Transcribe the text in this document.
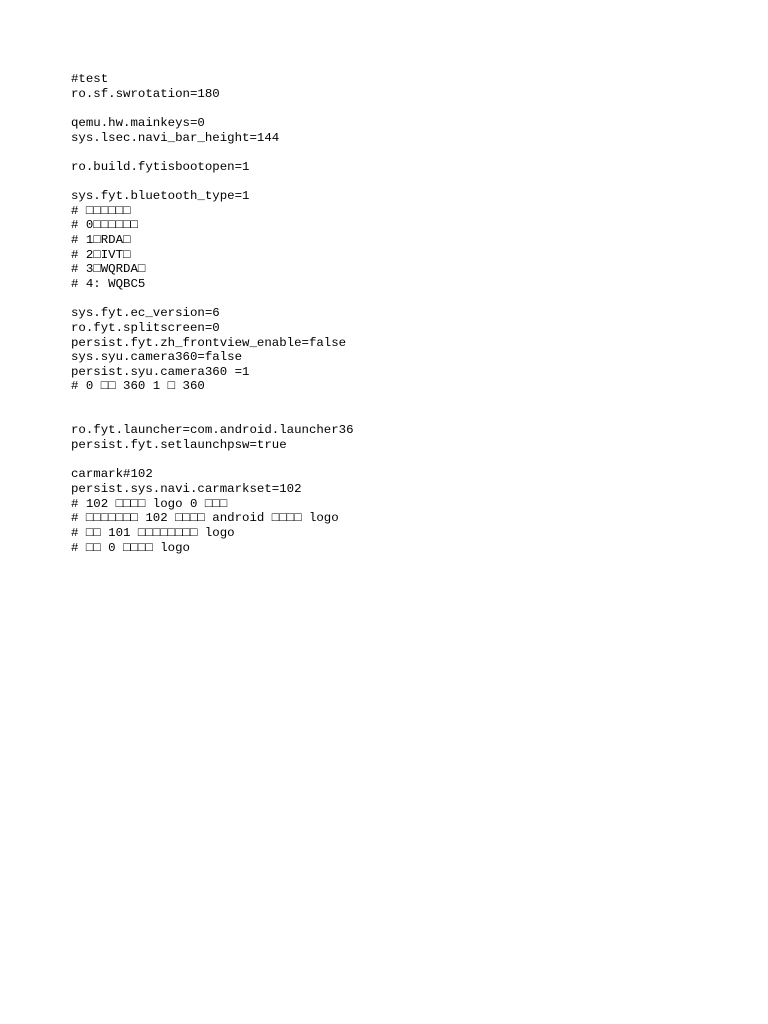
#test
ro.sf.swrotation=180
qemu.hw.mainkeys=0
sys.lsec.navi_bar_height=144
ro.build.fytisbootopen=1
sys.fyt.bluetooth_type=1
# □□□□□□
# 0□□□□□□
# 1□RDA□
# 2□IVT□
# 3□WQRDA□
# 4: WQBC5
sys.fyt.ec_version=6
ro.fyt.splitscreen=0
persist.fyt.zh_frontview_enable=false
sys.syu.camera360=false
persist.syu.camera360 =1
# 0 □□ 360 1 □ 360
ro.fyt.launcher=com.android.launcher36
persist.fyt.setlaunchpsw=true
carmark#102
persist.sys.navi.carmarkset=102
# 102 □□□□ logo 0 □□□
# □□□□□□□ 102 □□□□ android □□□□ logo
# □□ 101 □□□□□□□□ logo
# □□ 0 □□□□ logo
